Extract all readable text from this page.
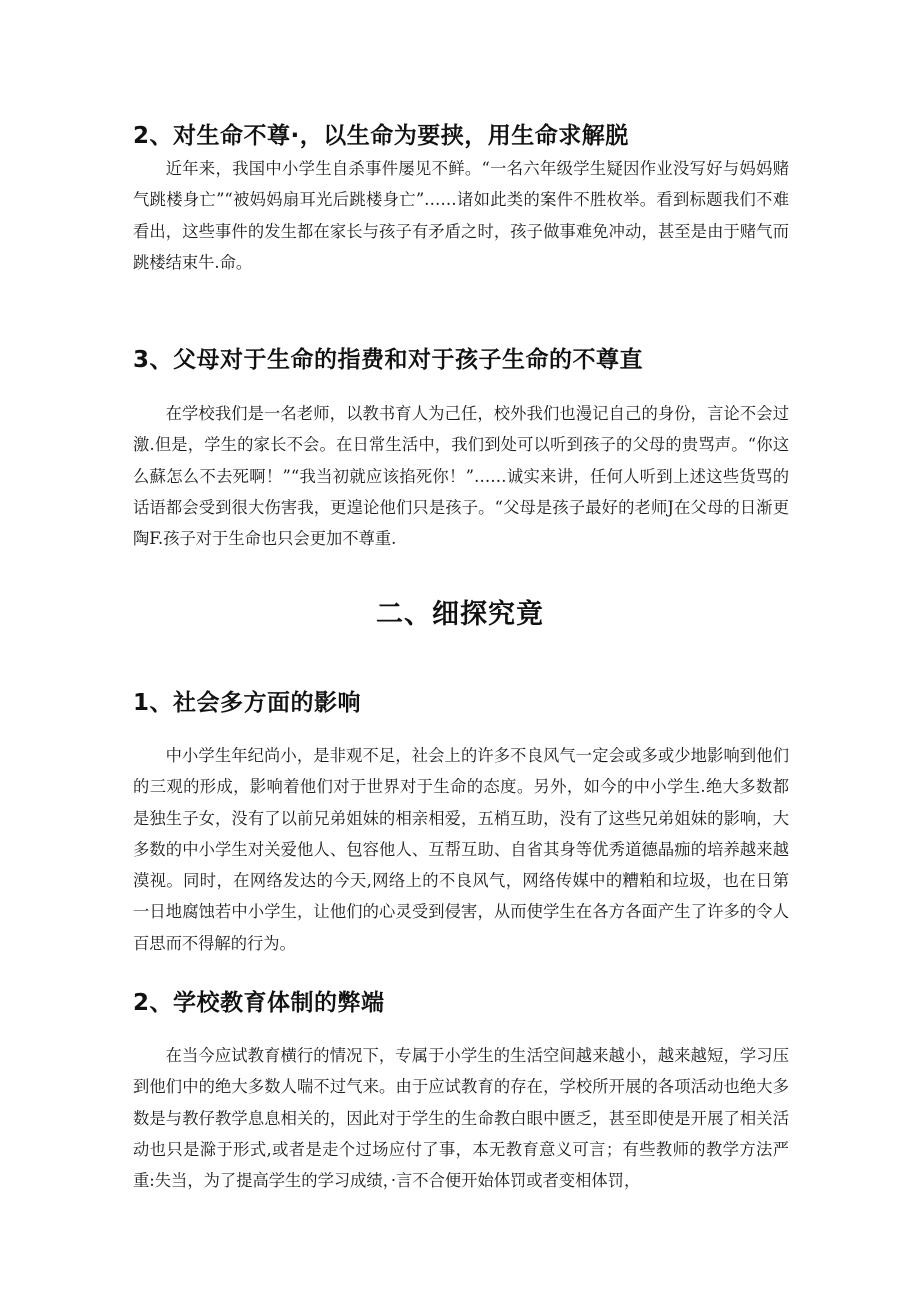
2、对生命不尊·，以生命为要挟，用生命求解脱

近年来，我国中小学生自杀事件屡见不鲜。“一名六年级学生疑因作业没写好与妈妈赌气跳楼身亡”“被妈妈扇耳光后跳楼身亡”……诸如此类的案件不胜枚举。看到标题我们不难看出，这些事件的发生都在家长与孩子有矛盾之时，孩子做事难免冲动，甚至是由于赌气而跳楼结束牛.命。

3、父母对于生命的指费和对于孩子生命的不尊直

在学校我们是一名老师，以教书育人为己任，校外我们也漫记自己的身份，言论不会过激.但是，学生的家长不会。在日常生活中，我们到处可以听到孩子的父母的贵骂声。“你这么蘇怎么不去死啊！”“我当初就应该掐死你！”……诚实来讲，任何人听到上述这些货骂的话语都会受到很大伤害我，更遑论他们只是孩子。“父母是孩子最好的老师J在父母的日渐更陶F.孩子对于生命也只会更加不尊重.

二、细探究竟
1、社会多方面的影响

中小学生年纪尚小，是非观不足，社会上的许多不良风气一定会或多或少地影响到他们的三观的形成，影响着他们对于世界对于生命的态度。另外，如今的中小学生.绝大多数都是独生子女，没有了以前兄弟姐妹的相亲相爱，五梢互助，没有了这些兄弟姐妹的影响，大多数的中小学生对关爱他人、包容他人、互帮互助、自省其身等优秀道德晶痂的培养越来越漠视。同时，在网络发达的今天,网络上的不良风气，网络传媒中的糟粕和垃圾，也在日第一日地腐蚀若中小学生，让他们的心灵受到侵害，从而使学生在各方各面产生了许多的令人百思而不得解的行为。

2、学校教育体制的弊端

在当今应试教育横行的情况下，专属于小学生的生活空间越来越小，越来越短，学习压到他们中的绝大多数人喘不过气来。由于应试教育的存在，学校所开展的各项活动也绝大多数是与教仔教学息息相关的，因此对于学生的生命教白眼中匮乏，甚至即使是开展了相关活动也只是滁于形式,或者是走个过场应付了事，本无教育意义可言；有些教师的教学方法严重:失当，为了提高学生的学习成绩，·言不合便开始体罚或者变相体罚，
